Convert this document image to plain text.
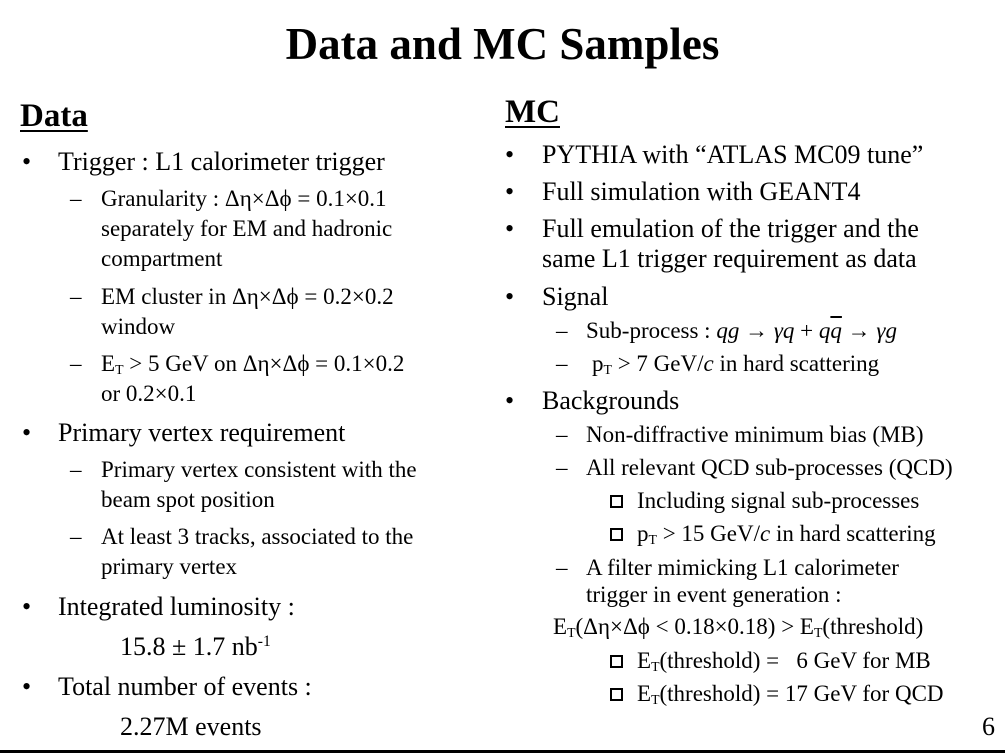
Data and MC Samples
Data
• Trigger : L1 calorimeter trigger
– Granularity : Δη×Δϕ = 0.1×0.1
separately for EM and hadronic
compartment
– EM cluster in Δη×Δϕ = 0.2×0.2
window
– $E_T > 5$ GeV on Δη×Δϕ = 0.1×0.2
or 0.2×0.1
• Primary vertex requirement
– Primary vertex consistent with the
beam spot position
– At least 3 tracks, associated to the
primary vertex
• Integrated luminosity :
15.8 ± 1.7 $nb^{-1}$
• Total number of events :
2.27M events
MC
• PYTHIA with “ATLAS MC09 tune”
• Full simulation with GEANT4
• Full emulation of the trigger and the
same L1 trigger requirement as data
• Signal
– Sub-process : qg → $\gamma q + q\overline{q} \to \gamma g$
– $p_T > 7$ GeV/c in hard scattering
• Backgrounds
– Non-diffractive minimum bias (MB)
– All relevant QCD sub-processes (QCD)
Including signal sub-processes
$p_T > 15$ GeV/c in hard scattering
– A filter mimicking L1 calorimeter
trigger in event generation :
$E_T(\Delta\eta\times\Delta\phi < 0.18\times 0.18)$ > $E_T(threshold)$
$E_T(threshold) = 6$ GeV for MB
$E_T(threshold) = 17$ GeV for QCD
6
